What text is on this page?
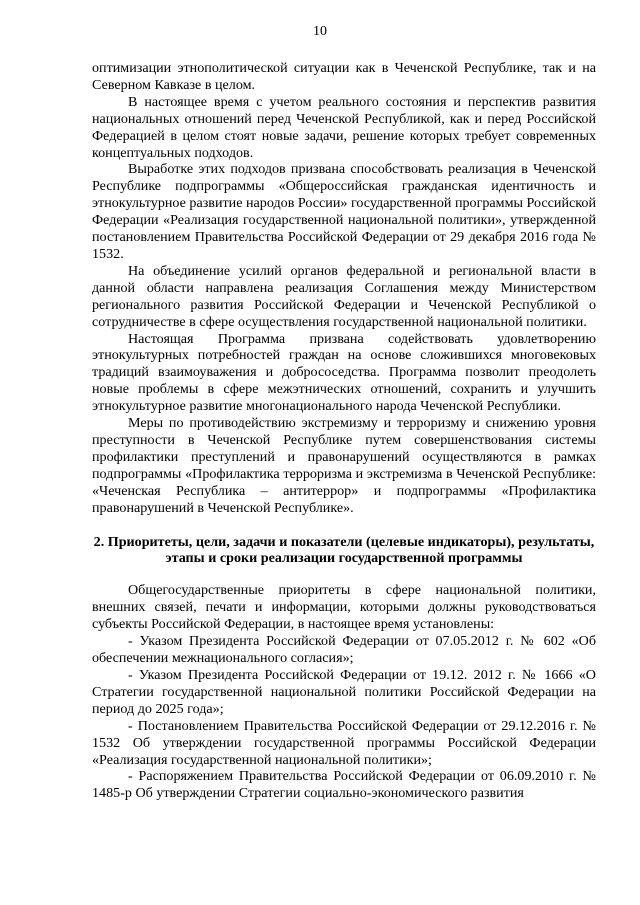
10

оптимизации этнополитической ситуации как в Чеченской Республике, так и на Северном Кавказе в целом.

В настоящее время с учетом реального состояния и перспектив развития национальных отношений перед Чеченской Республикой, как и перед Российской Федерацией в целом стоят новые задачи, решение которых требует современных концептуальных подходов.

Выработке этих подходов призвана способствовать реализация в Чеченской Республике подпрограммы «Общероссийская гражданская идентичность и этнокультурное развитие народов России» государственной программы Российской Федерации «Реализация государственной национальной политики», утвержденной постановлением Правительства Российской Федерации от 29 декабря 2016 года № 1532.

На объединение усилий органов федеральной и региональной власти в данной области направлена реализация Соглашения между Министерством регионального развития Российской Федерации и Чеченской Республикой о сотрудничестве в сфере осуществления государственной национальной политики.

Настоящая Программа призвана содействовать удовлетворению этнокультурных потребностей граждан на основе сложившихся многовековых традиций взаимоуважения и добрососедства. Программа позволит преодолеть новые проблемы в сфере межэтнических отношений, сохранить и улучшить этнокультурное развитие многонационального народа Чеченской Республики.

Меры по противодействию экстремизму и терроризму и снижению уровня преступности в Чеченской Республике путем совершенствования системы профилактики преступлений и правонарушений осуществляются в рамках подпрограммы «Профилактика терроризма и экстремизма в Чеченской Республике: «Чеченская Республика – антитеррор» и подпрограммы «Профилактика правонарушений в Чеченской Республике».

2. Приоритеты, цели, задачи и показатели (целевые индикаторы), результаты, этапы и сроки реализации государственной программы

Общегосударственные приоритеты в сфере национальной политики, внешних связей, печати и информации, которыми должны руководствоваться субъекты Российской Федерации, в настоящее время установлены:

- Указом Президента Российской Федерации от 07.05.2012 г. № 602 «Об обеспечении межнационального согласия»;

- Указом Президента Российской Федерации от 19.12. 2012 г. № 1666 «О Стратегии государственной национальной политики Российской Федерации на период до 2025 года»;

- Постановлением Правительства Российской Федерации от 29.12.2016 г. № 1532 Об утверждении государственной программы Российской Федерации «Реализация государственной национальной политики»;

- Распоряжением Правительства Российской Федерации от 06.09.2010 г. № 1485-р Об утверждении Стратегии социально-экономического развития
